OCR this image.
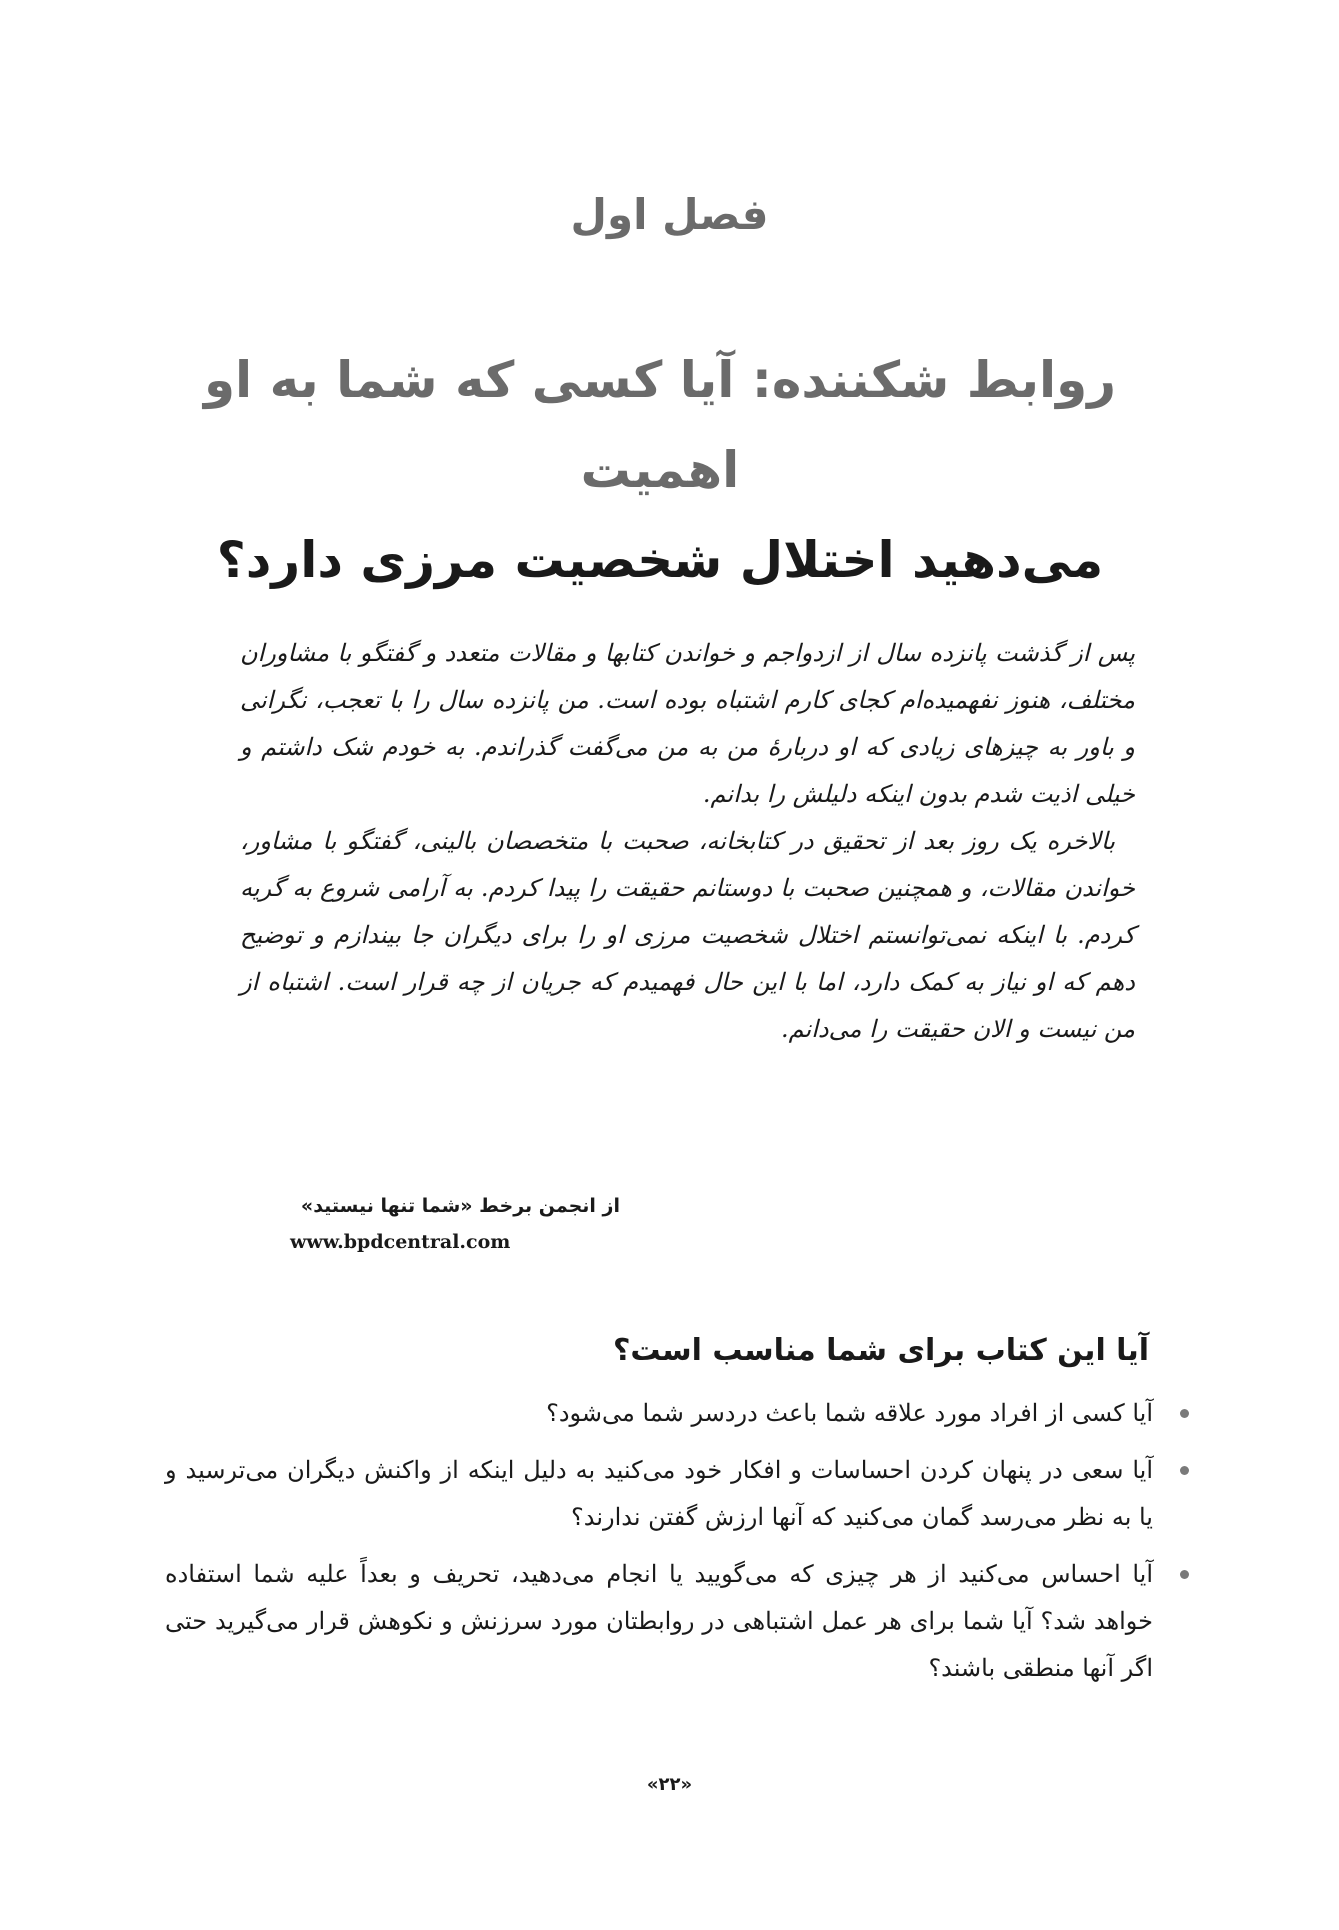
فصل اول
روابط شکننده: آیا کسی که شما به او اهمیت
می‌دهید اختلال شخصیت مرزی دارد؟

پس از گذشت پانزده سال از ازدواجم و خواندن کتابها و مقالات متعدد و گفتگو با مشاوران مختلف، هنوز نفهمیده‌ام کجای کارم اشتباه بوده است. من پانزده سال را با تعجب، نگرانی و باور به چیزهای زیادی که او دربارهٔ من به من می‌گفت گذراندم. به خودم شک داشتم و خیلی اذیت شدم بدون اینکه دلیلش را بدانم.

بالاخره یک روز بعد از تحقیق در کتابخانه، صحبت با متخصصان بالینی، گفتگو با مشاور، خواندن مقالات، و همچنین صحبت با دوستانم حقیقت را پیدا کردم. به آرامی شروع به گریه کردم. با اینکه نمی‌توانستم اختلال شخصیت مرزی او را برای دیگران جا بیندازم و توضیح دهم که او نیاز به کمک دارد، اما با این حال فهمیدم که جریان از چه قرار است. اشتباه از من نیست و الان حقیقت را می‌دانم.

از انجمن برخط «شما تنها نیستید»
www.bpdcentral.com
آیا این کتاب برای شما مناسب است؟
آیا کسی از افراد مورد علاقه شما باعث دردسر شما می‌شود؟
آیا سعی در پنهان کردن احساسات و افکار خود می‌کنید به دلیل اینکه از واکنش دیگران می‌ترسید و یا به نظر می‌رسد گمان می‌کنید که آنها ارزش گفتن ندارند؟
آیا احساس می‌کنید از هر چیزی که می‌گویید یا انجام می‌دهید، تحریف و بعداً علیه شما استفاده خواهد شد؟ آیا شما برای هر عمل اشتباهی در روابطتان مورد سرزنش و نکوهش قرار می‌گیرید حتی اگر آنها منطقی باشند؟
«۲۲»
